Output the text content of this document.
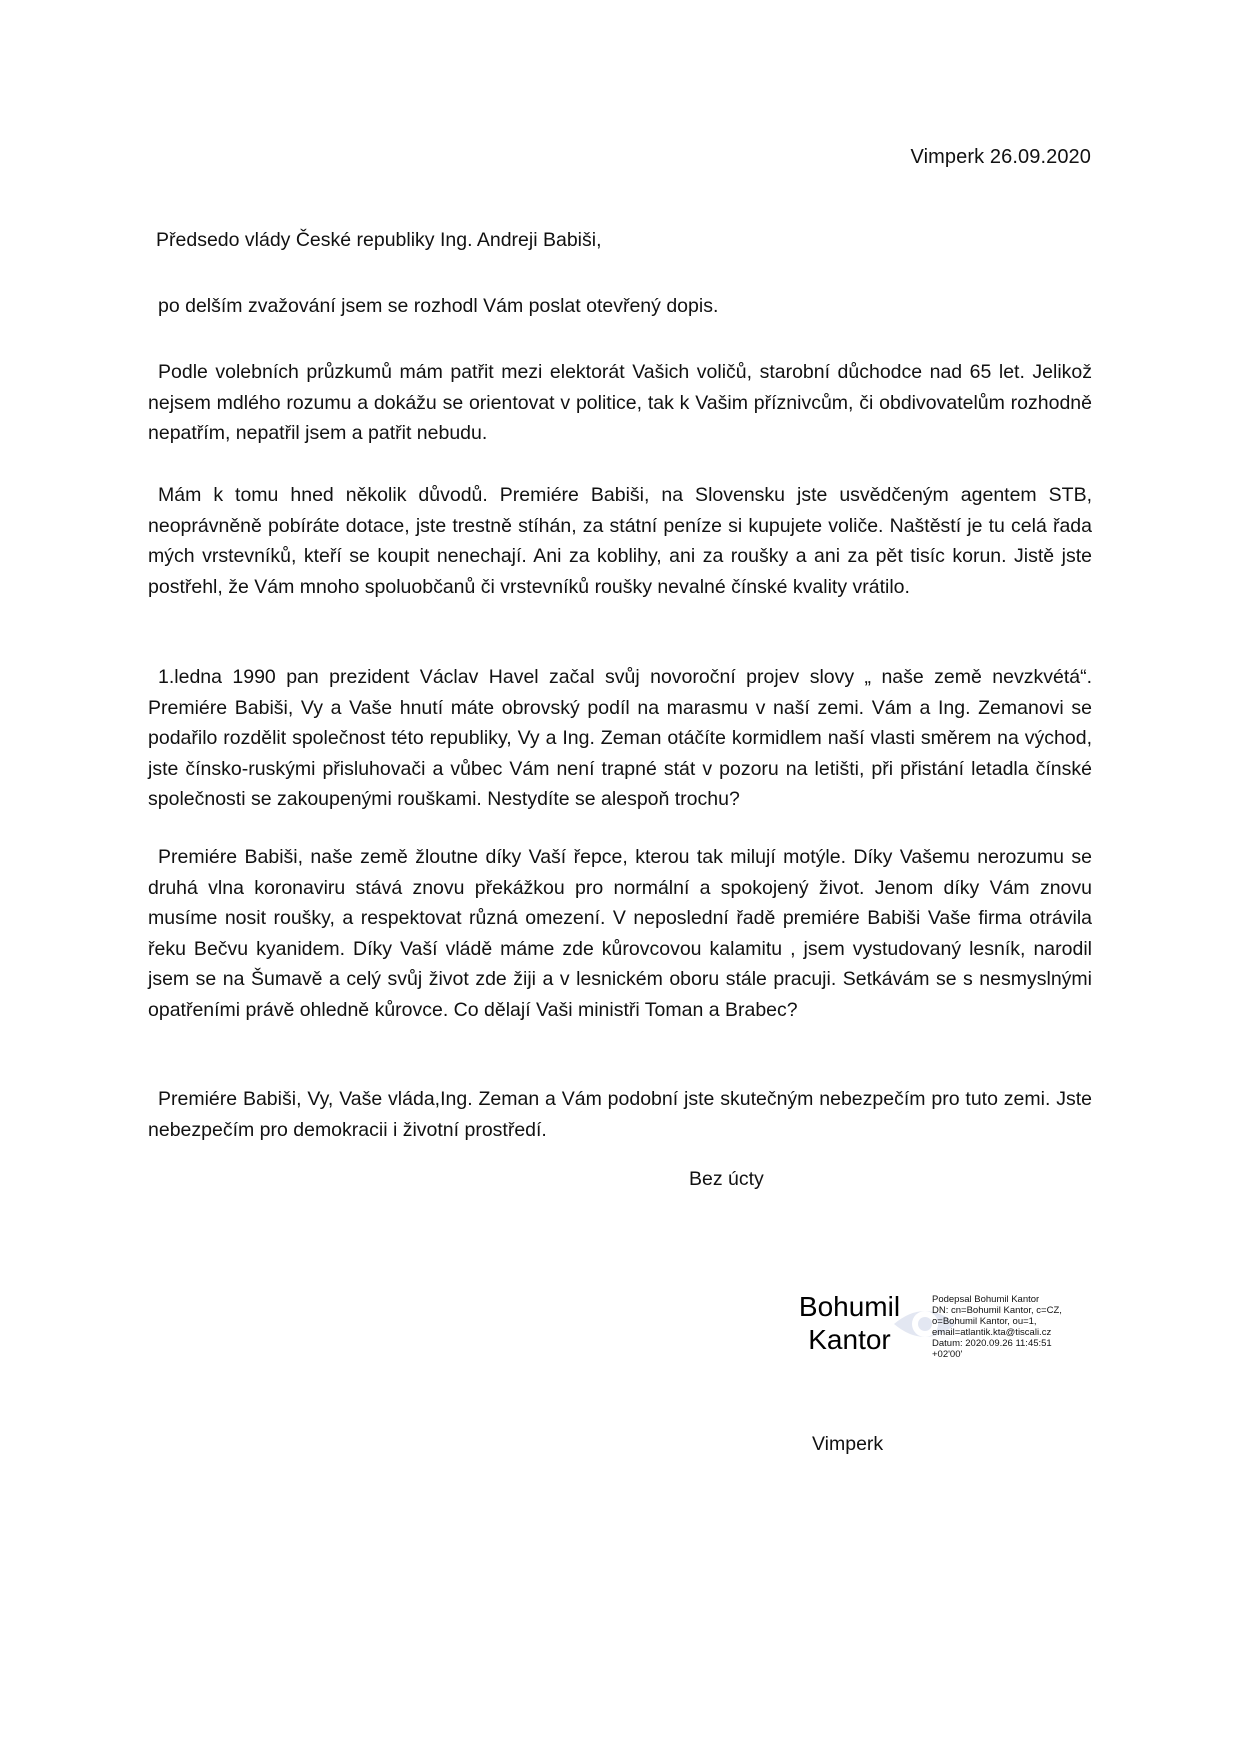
Vimperk 26.09.2020
Předsedo vlády České republiky Ing. Andreji Babiši,

po delším zvažování jsem se rozhodl Vám poslat otevřený dopis.

Podle volebních průzkumů mám patřit mezi elektorát Vašich voličů, starobní důchodce nad 65 let. Jelikož nejsem mdlého rozumu a dokážu se orientovat v politice, tak k Vašim příznivcům, či obdivovatelům rozhodně nepatřím, nepatřil jsem a patřit nebudu.

Mám k tomu hned několik důvodů. Premiére Babiši, na Slovensku jste usvědčeným agentem STB, neoprávněně pobíráte dotace, jste trestně stíhán, za státní peníze si kupujete voliče. Naštěstí je tu celá řada mých vrstevníků, kteří se koupit nenechají. Ani za koblihy, ani za roušky a ani za pět tisíc korun. Jistě jste postřehl, že Vám mnoho spoluobčanů či vrstevníků roušky nevalné čínské kvality vrátilo.

1.ledna 1990 pan prezident Václav Havel začal svůj novoroční projev slovy „ naše země nevzkvétá“. Premiére Babiši, Vy a Vaše hnutí máte obrovský podíl na marasmu v naší zemi. Vám a Ing. Zemanovi se podařilo rozdělit společnost této republiky, Vy a Ing. Zeman otáčíte kormidlem naší vlasti směrem na východ, jste čínsko-ruskými přisluhovači a vůbec Vám není trapné stát v pozoru na letišti, při přistání letadla čínské společnosti se zakoupenými rouškami. Nestydíte se alespoň trochu?

Premiére Babiši, naše země žloutne díky Vaší řepce, kterou tak milují motýle. Díky Vašemu nerozumu se druhá vlna koronaviru stává znovu překážkou pro normální a spokojený život. Jenom díky Vám znovu musíme nosit roušky, a respektovat různá omezení. V neposlední řadě premiére Babiši Vaše firma otrávila řeku Bečvu kyanidem. Díky Vaší vládě máme zde kůrovcovou kalamitu , jsem vystudovaný lesník, narodil jsem se na Šumavě a celý svůj život zde žiji a v lesnickém oboru stále pracuji. Setkávám se s nesmyslnými opatřeními právě ohledně kůrovce. Co dělají Vaši ministři Toman a Brabec?

Premiére Babiši, Vy, Vaše vláda,Ing. Zeman a Vám podobní jste skutečným nebezpečím pro tuto zemi. Jste nebezpečím pro demokracii i životní prostředí.

Bez úcty
Bohumil
Kantor
Podepsal Bohumil Kantor
DN: cn=Bohumil Kantor, c=CZ,
o=Bohumil Kantor, ou=1,
email=atlantik.kta@tiscali.cz
Datum: 2020.09.26 11:45:51
+02'00'
Vimperk
